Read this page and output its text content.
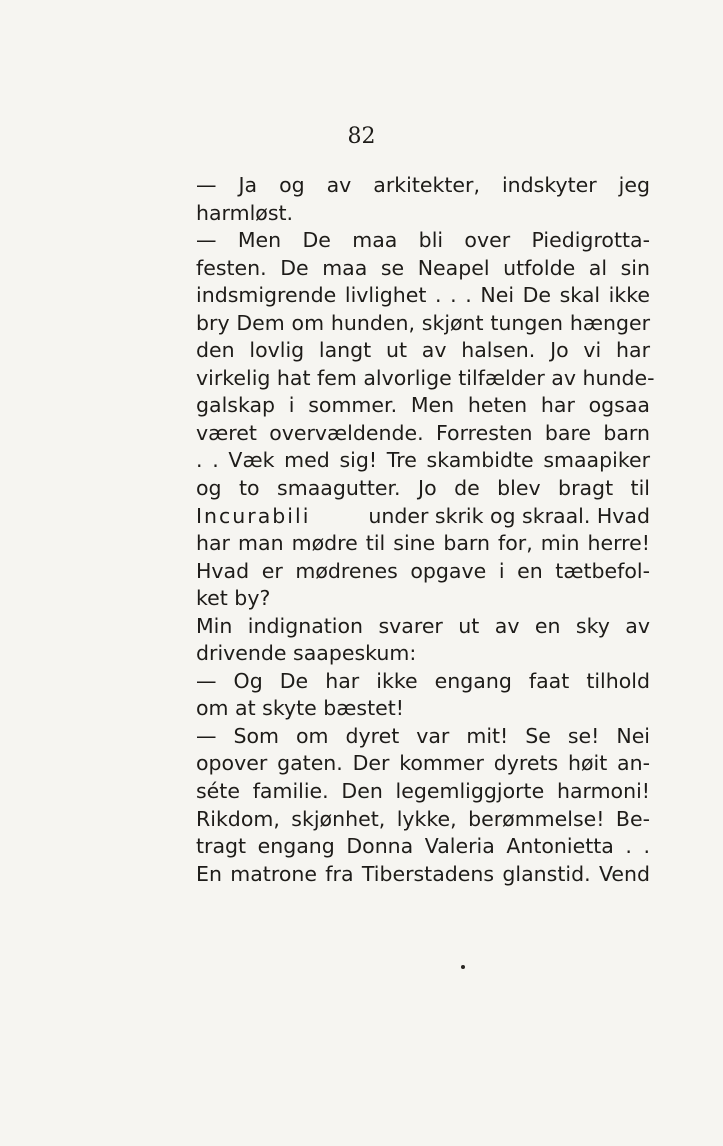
82
— Ja og av arkitekter, indskyter jeg
harmløst.
— Men De maa bli over Piedigrotta-
festen. De maa se Neapel utfolde al sin
indsmigrende livlighet . . . Nei De skal ikke
bry Dem om hunden, skjønt tungen hænger
den lovlig langt ut av halsen. Jo vi har
virkelig hat fem alvorlige tilfælder av hunde-
galskap i sommer. Men heten har ogsaa
været overvældende. Forresten bare barn
. . Væk med sig! Tre skambidte smaapiker
og to smaagutter. Jo de blev bragt til
Incurabili	under skrik og skraal. Hvad
har man mødre til sine barn for, min herre!
Hvad er mødrenes opgave i en tætbefol-
ket by?
Min indignation svarer ut av en sky av
drivende saapeskum:
— Og De har ikke engang faat tilhold
om at skyte bæstet!
— Som om dyret var mit! Se se! Nei
opover gaten. Der kommer dyrets høit an-
séte familie. Den legemliggjorte harmoni!
Rikdom, skjønhet, lykke, berømmelse! Be-
tragt engang Donna Valeria Antonietta . .
En matrone fra Tiberstadens glanstid. Vend
